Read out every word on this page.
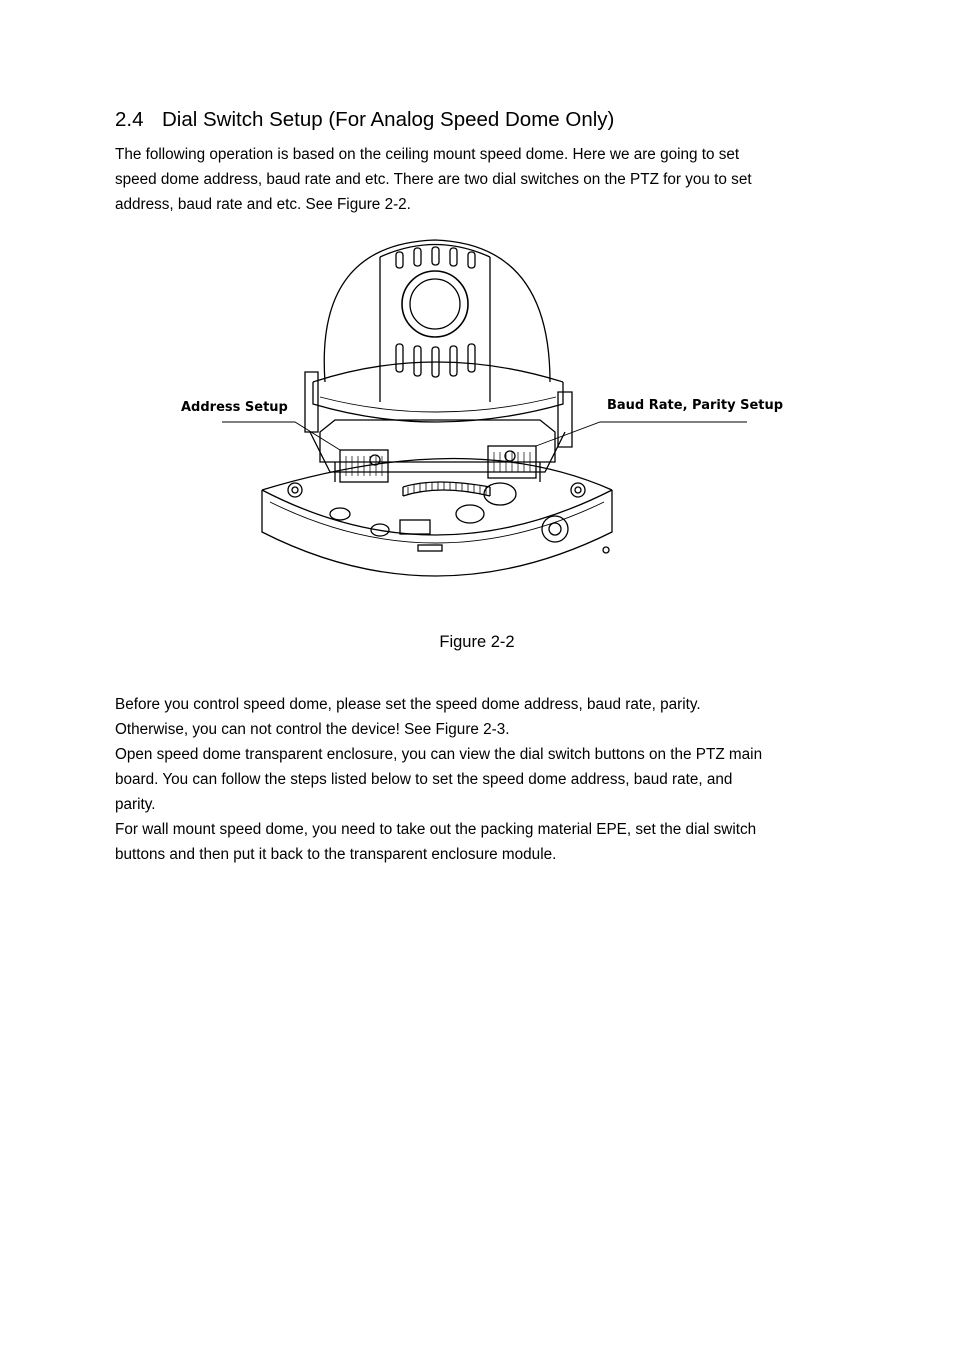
2.4 Dial Switch Setup (For Analog Speed Dome Only)

The following operation is based on the ceiling mount speed dome. Here we are going to set
speed dome address, baud rate and etc. There are two dial switches on the PTZ for you to set
address, baud rate and etc. See Figure 2-2.

Address Setup	Baud Rate, Parity Setup
Figure 2-2

Before you control speed dome, please set the speed dome address, baud rate, parity.
Otherwise, you can not control the device! See Figure 2-3.
Open speed dome transparent enclosure, you can view the dial switch buttons on the PTZ main
board. You can follow the steps listed below to set the speed dome address, baud rate, and
parity.
For wall mount speed dome, you need to take out the packing material EPE, set the dial switch
buttons and then put it back to the transparent enclosure module.
